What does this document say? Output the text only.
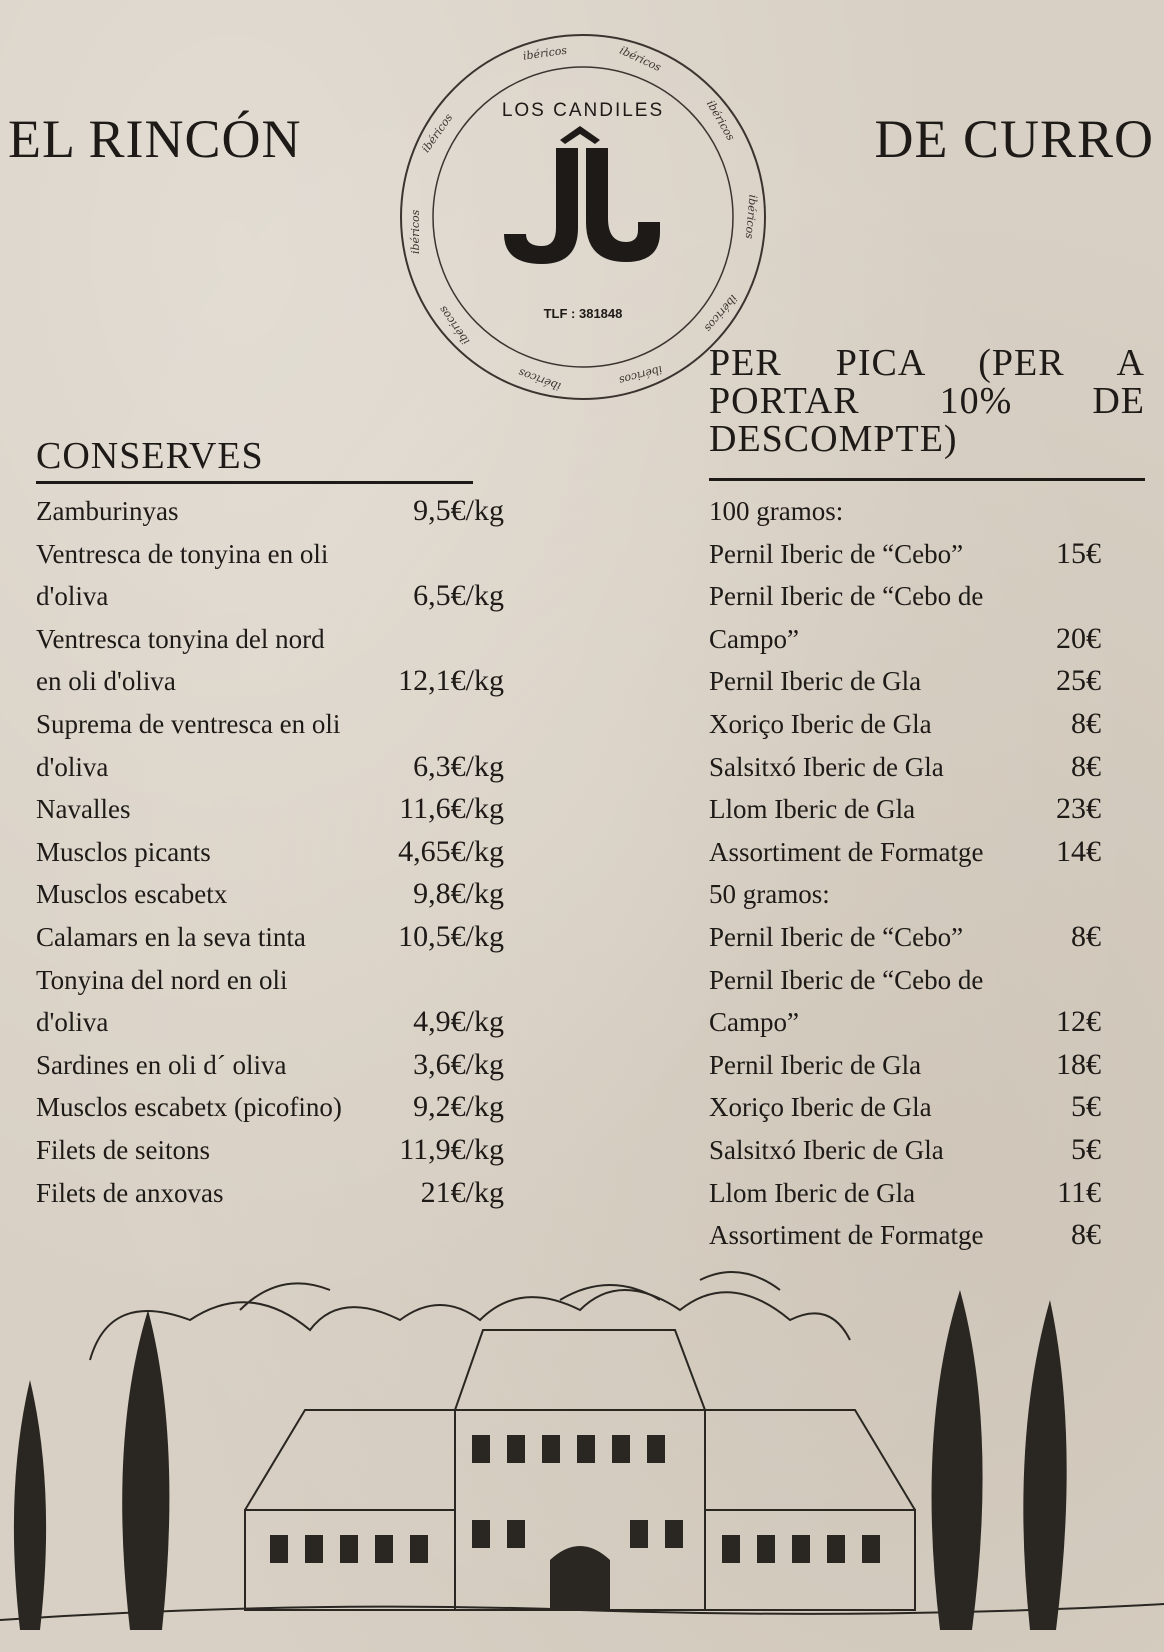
EL RINCÓN	DE CURRO
ibéricos	ibéricos
ibéricos
ibéricos
ibéricos
ibéricos
ibéricos
ibéricos
ibéricos
ibéricos
LOS CANDILES
TLF : 381848
CONSERVES
PER PICA (PER A PORTAR 10% DE DESCOMPTE)
Zamburinyas	9,5€/kg
Ventresca de tonyina en oli
d'oliva	6,5€/kg
Ventresca tonyina del nord
en oli d'oliva	12,1€/kg
Suprema de ventresca en oli
d'oliva	6,3€/kg
Navalles	11,6€/kg
Musclos picants	4,65€/kg
Musclos escabetx	9,8€/kg
Calamars en la seva tinta	10,5€/kg
Tonyina del nord en oli
d'oliva	4,9€/kg
Sardines en oli d´ oliva	3,6€/kg
Musclos escabetx (picofino) 9,2€/kg
Filets de seitons	11,9€/kg
Filets de anxovas	21€/kg
100 gramos:
Pernil Iberic de “Cebo”	15€
Pernil Iberic de “Cebo de
Campo”	20€
Pernil Iberic de Gla	25€
Xoriço Iberic de Gla	8€
Salsitxó Iberic de Gla	8€
Llom Iberic de Gla	23€
Assortiment de Formatge 14€
50 gramos:
Pernil Iberic de “Cebo”	8€
Pernil Iberic de “Cebo de
Campo”	12€
Pernil Iberic de Gla	18€
Xoriço Iberic de Gla	5€
Salsitxó Iberic de Gla	5€
Llom Iberic de Gla	11€
Assortiment de Formatge	8€
